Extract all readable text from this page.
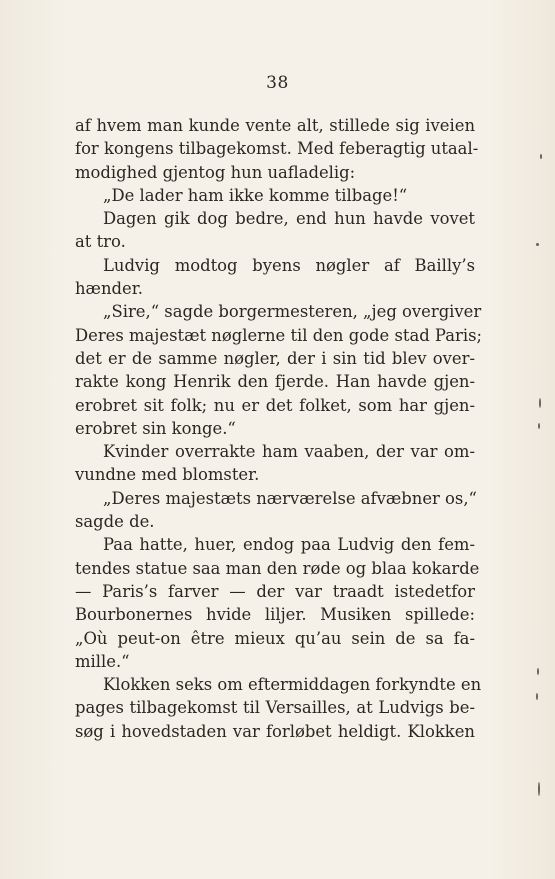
38
af hvem man kunde vente alt, stillede sig iveien
for kongens tilbagekomst. Med feberagtig utaal-
modighed gjentog hun uafladelig:
„De lader ham ikke komme tilbage!“
Dagen gik dog bedre, end hun havde vovet
at tro.
Ludvig modtog byens nøgler af Bailly’s
hænder.
„Sire,“ sagde borgermesteren, „jeg overgiver
Deres majestæt nøglerne til den gode stad Paris;
det er de samme nøgler, der i sin tid blev over-
rakte kong Henrik den fjerde. Han havde gjen-
erobret sit folk; nu er det folket, som har gjen-
erobret sin konge.“
Kvinder overrakte ham vaaben, der var om-
vundne med blomster.
„Deres majestæts nærværelse afvæbner os,“
sagde de.
Paa hatte, huer, endog paa Ludvig den fem-
tendes statue saa man den røde og blaa kokarde
— Paris’s farver — der var traadt istedetfor
Bourbonernes hvide liljer. Musiken spillede:
„Où peut-on être mieux qu’au sein de sa fa-
mille.“
Klokken seks om eftermiddagen forkyndte en
pages tilbagekomst til Versailles, at Ludvigs be-
søg i hovedstaden var forløbet heldigt. Klokken
